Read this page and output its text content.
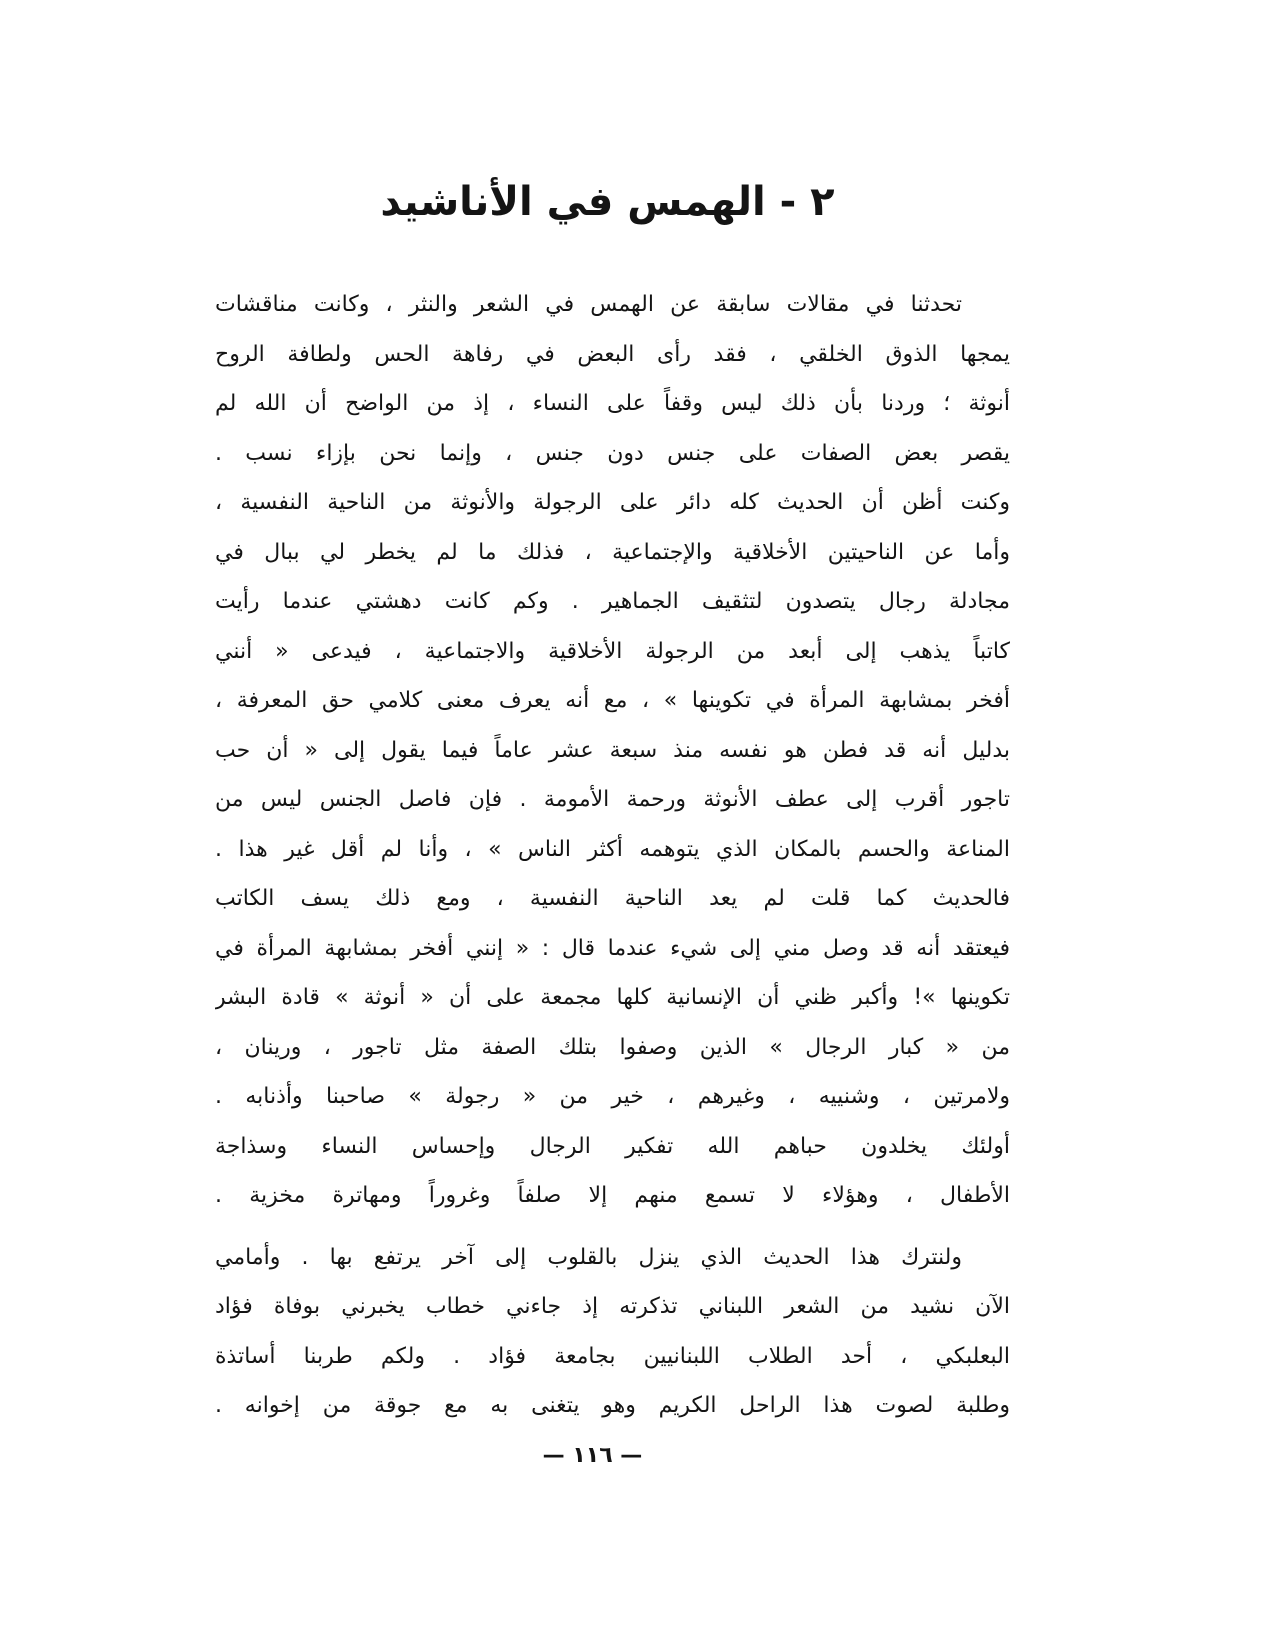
٢ - الهمس في الأناشيد
تحدثنا في مقالات سابقة عن الهمس في الشعر والنثر ، وكانت مناقشات
يمجها الذوق الخلقي ، فقد رأى البعض في رفاهة الحس ولطافة الروح
أنوثة ؛ وردنا بأن ذلك ليس وقفاً على النساء ، إذ من الواضح أن الله لم
يقصر بعض الصفات على جنس دون جنس ، وإنما نحن بإزاء نسب .
وكنت أظن أن الحديث كله دائر على الرجولة والأنوثة من الناحية النفسية ،
وأما عن الناحيتين الأخلاقية والإجتماعية ، فذلك ما لم يخطر لي ببال في
مجادلة رجال يتصدون لتثقيف الجماهير . وكم كانت دهشتي عندما رأيت
كاتباً يذهب إلى أبعد من الرجولة الأخلاقية والاجتماعية ، فيدعى « أنني
أفخر بمشابهة المرأة في تكوينها » ، مع أنه يعرف معنى كلامي حق المعرفة ،
بدليل أنه قد فطن هو نفسه منذ سبعة عشر عاماً فيما يقول إلى « أن حب
تاجور أقرب إلى عطف الأنوثة ورحمة الأمومة . فإن فاصل الجنس ليس من
المناعة والحسم بالمكان الذي يتوهمه أكثر الناس » ، وأنا لم أقل غير هذا .
فالحديث كما قلت لم يعد الناحية النفسية ، ومع ذلك يسف الكاتب
فيعتقد أنه قد وصل مني إلى شيء عندما قال : « إنني أفخر بمشابهة المرأة في
تكوينها »! وأكبر ظني أن الإنسانية كلها مجمعة على أن « أنوثة » قادة البشر
من « كبار الرجال » الذين وصفوا بتلك الصفة مثل تاجور ، ورينان ،
ولامرتين ، وشنييه ، وغيرهم ، خير من « رجولة » صاحبنا وأذنابه .
أولئك يخلدون حباهم الله تفكير الرجال وإحساس النساء وسذاجة
الأطفال ، وهؤلاء لا تسمع منهم إلا صلفاً وغروراً ومهاترة مخزية .
ولنترك هذا الحديث الذي ينزل بالقلوب إلى آخر يرتفع بها . وأمامي
الآن نشيد من الشعر اللبناني تذكرته إذ جاءني خطاب يخبرني بوفاة فؤاد
البعلبكي ، أحد الطلاب اللبنانيين بجامعة فؤاد . ولكم طربنا أساتذة
وطلبة لصوت هذا الراحل الكريم وهو يتغنى به مع جوقة من إخوانه .
— ١١٦ —
